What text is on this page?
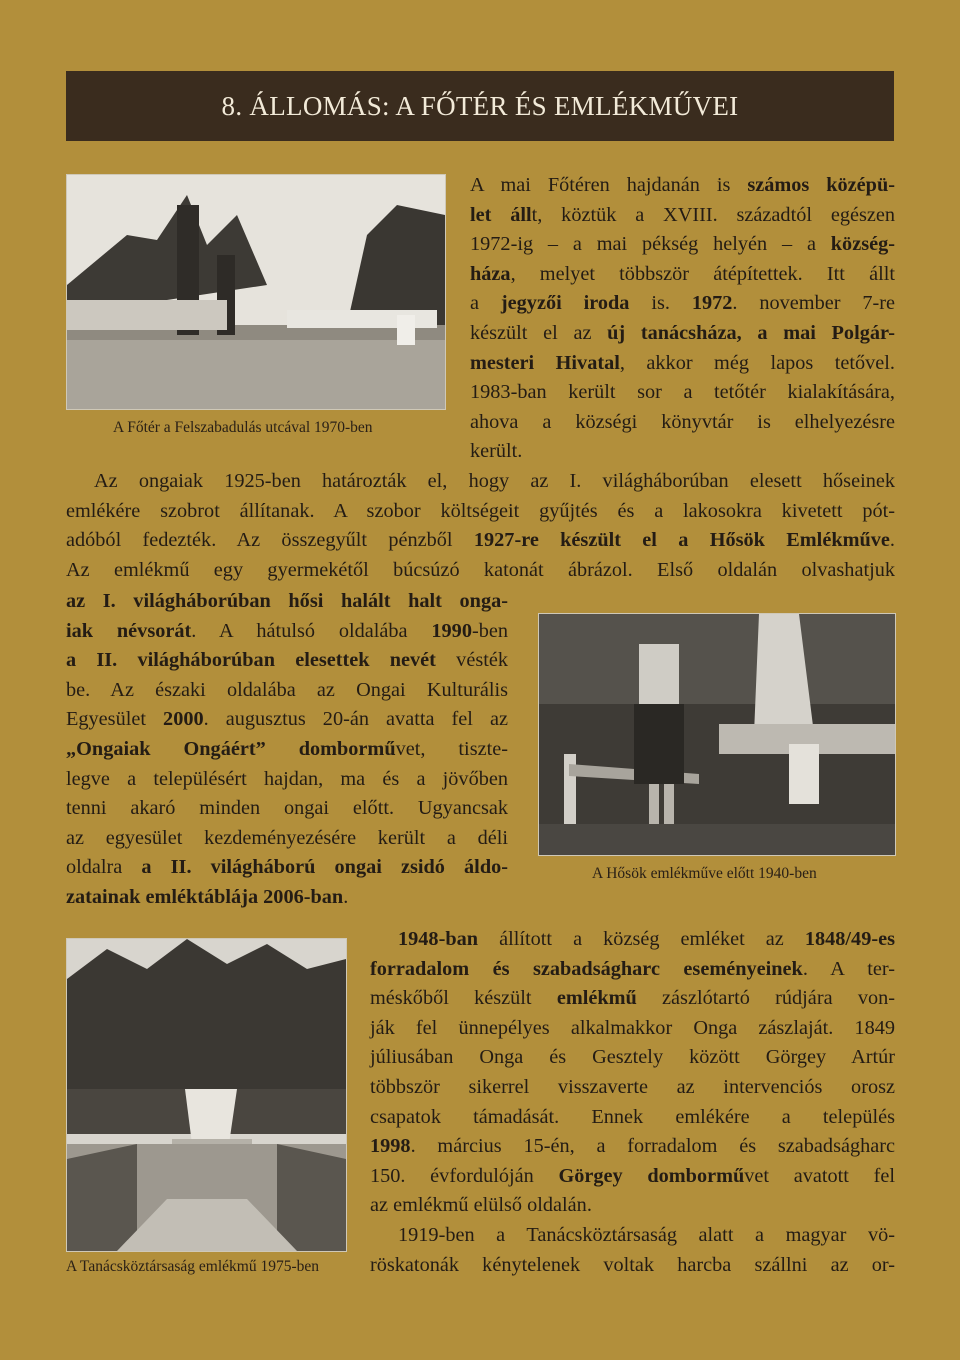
8. ÁLLOMÁS: A FŐTÉR ÉS EMLÉKMŰVEI
A Főtér a Felszabadulás utcával 1970-ben
A mai Főtéren hajdanán is számos középü-
let állt, köztük a XVIII. századtól egészen
1972-ig – a mai pékség helyén – a község-
háza, melyet többször átépítettek. Itt állt
a jegyzői iroda is. 1972. november 7-re
készült el az új tanácsháza, a mai Polgár-
mesteri Hivatal, akkor még lapos tetővel.
1983-ban került sor a tetőtér kialakítására,
ahova a községi könyvtár is elhelyezésre
került.
Az ongaiak 1925-ben határozták el, hogy az I. világháborúban elesett hőseinek
emlékére szobrot állítanak. A szobor költségeit gyűjtés és a lakosokra kivetett pót-
adóból fedezték. Az összegyűlt pénzből 1927-re készült el a Hősök Emlékműve.
Az emlékmű egy gyermekétől búcsúzó katonát ábrázol. Első oldalán olvashatjuk
A Hősök emlékműve előtt 1940-ben
az I. világháborúban hősi halált halt onga-
iak névsorát. A hátulsó oldalába 1990-ben
a II. világháborúban elesettek nevét vésték
be. Az északi oldalába az Ongai Kulturális
Egyesület 2000. augusztus 20-án avatta fel az
„Ongaiak Ongáért” domborművet, tiszte-
legve a településért hajdan, ma és a jövőben
tenni akaró minden ongai előtt. Ugyancsak
az egyesület kezdeményezésére került a déli
oldalra a II. világháború ongai zsidó áldo-
zatainak emléktáblája 2006-ban.
A Tanácsköztársaság emlékmű 1975-ben
1948-ban állított a község emléket az 1848/49-es
forradalom és szabadságharc eseményeinek. A ter-
méskőből készült emlékmű zászlótartó rúdjára von-
ják fel ünnepélyes alkalmakkor Onga zászlaját. 1849
júliusában Onga és Gesztely között Görgey Artúr
többször sikerrel visszaverte az intervenciós orosz
csapatok támadását. Ennek emlékére a település
1998. március 15-én, a forradalom és szabadságharc
150. évfordulóján Görgey domborművet avatott fel
az emlékmű elülső oldalán.
1919-ben a Tanácsköztársaság alatt a magyar vö-
röskatonák kénytelenek voltak harcba szállni az or-
